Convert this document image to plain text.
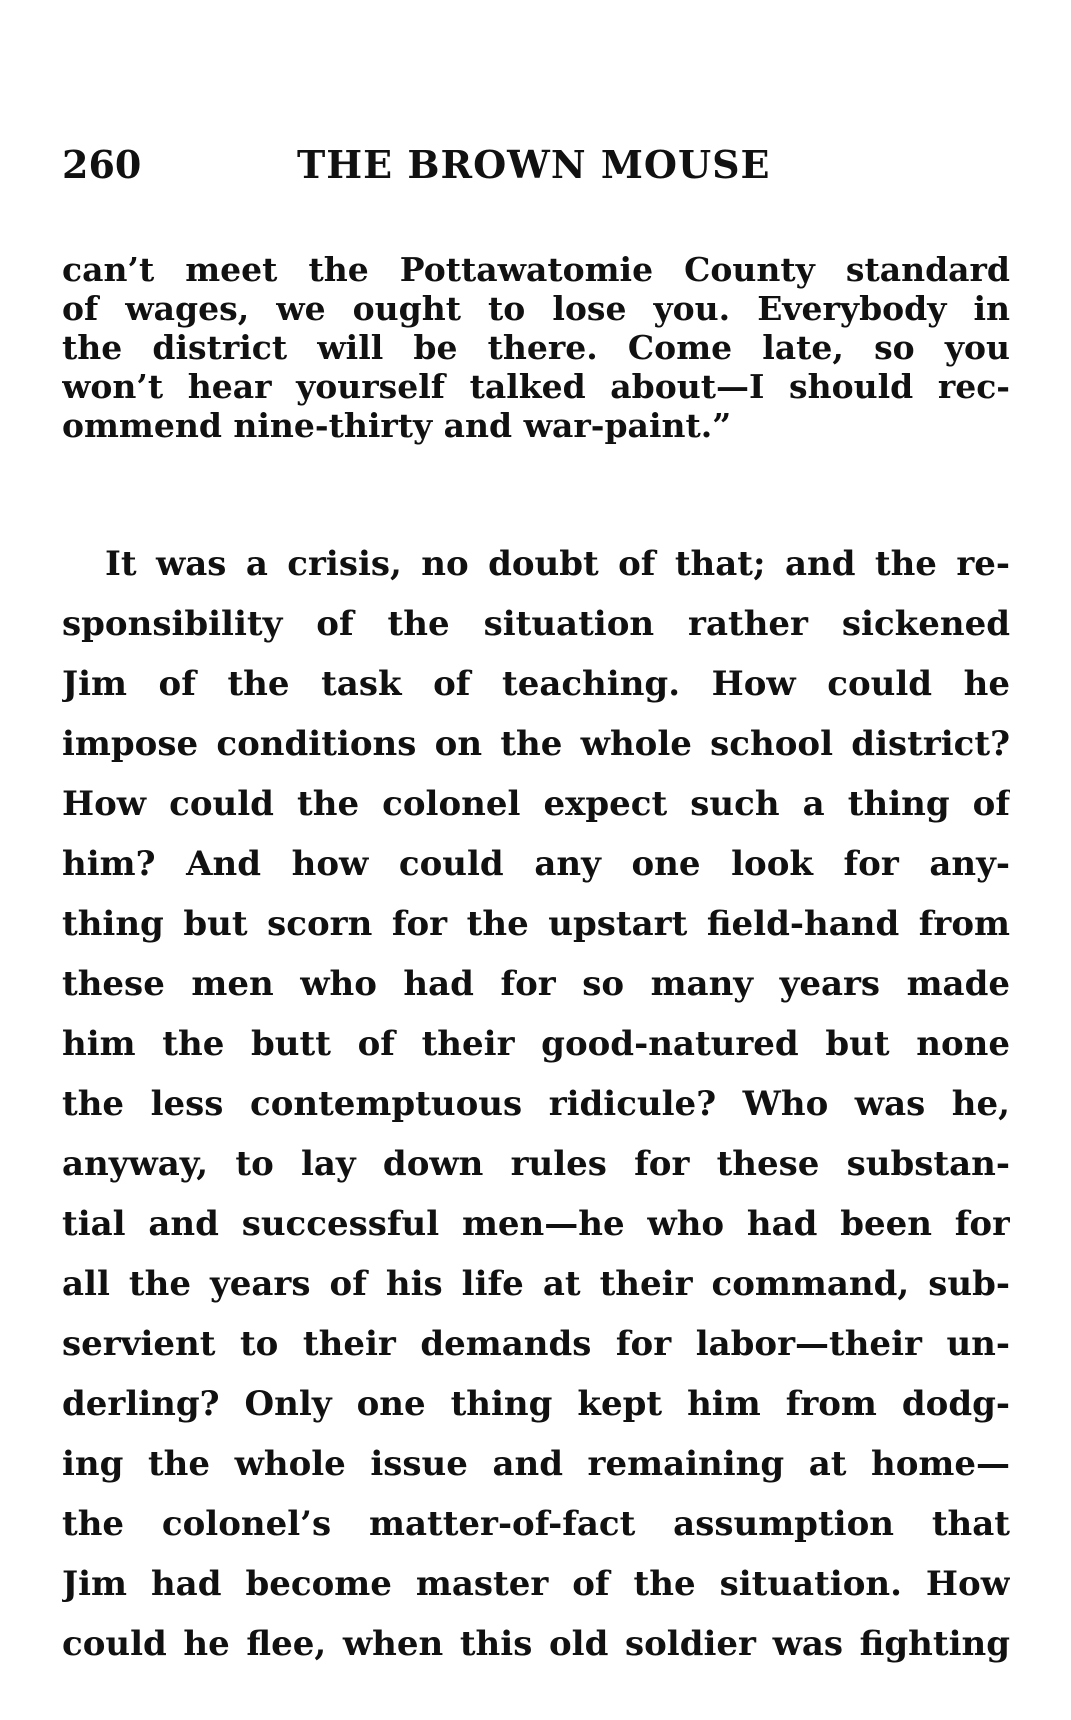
260	THE BROWN MOUSE
can’t meet the Pottawatomie County standard
of wages, we ought to lose you. Everybody in
the district will be there. Come late, so you
won’t hear yourself talked about—I should rec-
ommend nine-thirty and war-paint.”
It was a crisis, no doubt of that; and the re-
sponsibility of the situation rather sickened
Jim of the task of teaching. How could he
impose conditions on the whole school district?
How could the colonel expect such a thing of
him? And how could any one look for any-
thing but scorn for the upstart field-hand from
these men who had for so many years made
him the butt of their good-natured but none
the less contemptuous ridicule? Who was he,
anyway, to lay down rules for these substan-
tial and successful men—he who had been for
all the years of his life at their command, sub-
servient to their demands for labor—their un-
derling? Only one thing kept him from dodg-
ing the whole issue and remaining at home—
the colonel’s matter-of-fact assumption that
Jim had become master of the situation. How
could he flee, when this old soldier was fighting
